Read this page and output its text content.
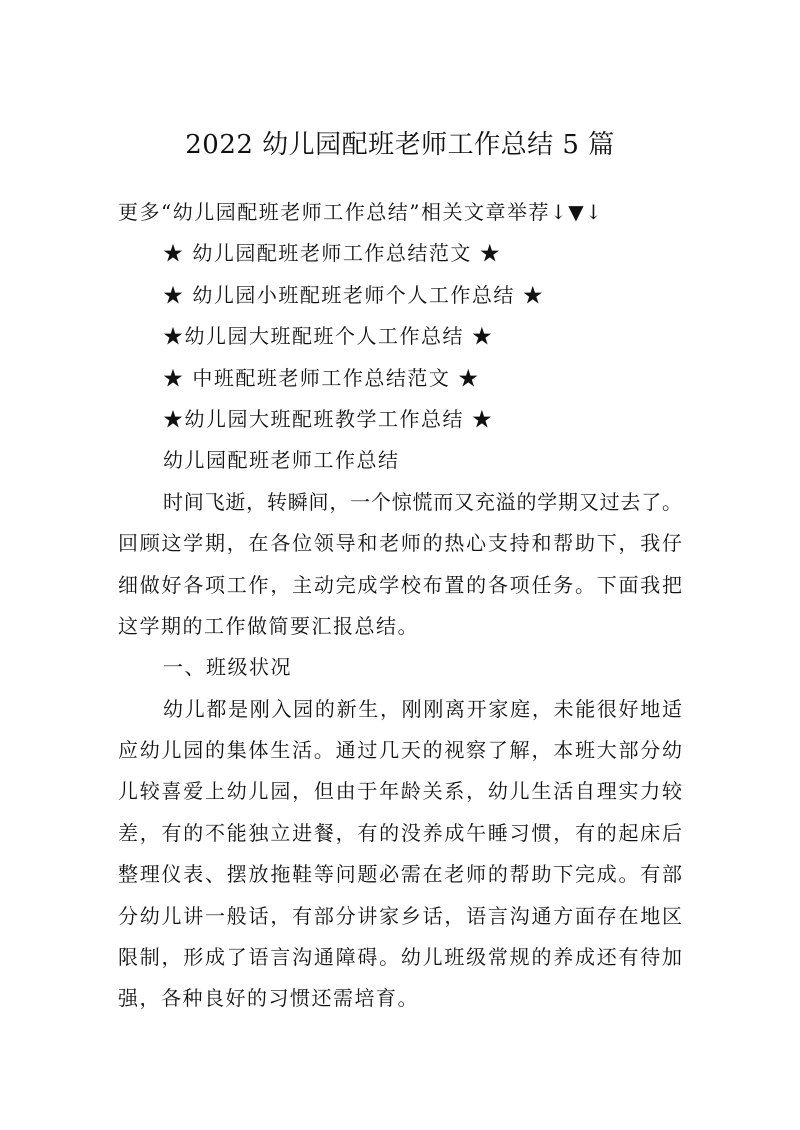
2022 幼儿园配班老师工作总结 5 篇
更多“幼儿园配班老师工作总结”相关文章举荐↓▼↓
★ 幼儿园配班老师工作总结范文 ★
★ 幼儿园小班配班老师个人工作总结 ★
★幼儿园大班配班个人工作总结 ★
★ 中班配班老师工作总结范文 ★
★幼儿园大班配班教学工作总结 ★
幼儿园配班老师工作总结
时间飞逝，转瞬间，一个惊慌而又充溢的学期又过去了。
回顾这学期，在各位领导和老师的热心支持和帮助下，我仔
细做好各项工作，主动完成学校布置的各项任务。下面我把
这学期的工作做简要汇报总结。
一、班级状况
幼儿都是刚入园的新生，刚刚离开家庭，未能很好地适
应幼儿园的集体生活。通过几天的视察了解，本班大部分幼
儿较喜爱上幼儿园，但由于年龄关系，幼儿生活自理实力较
差，有的不能独立进餐，有的没养成午睡习惯，有的起床后
整理仪表、摆放拖鞋等问题必需在老师的帮助下完成。有部
分幼儿讲一般话，有部分讲家乡话，语言沟通方面存在地区
限制，形成了语言沟通障碍。幼儿班级常规的养成还有待加
强，各种良好的习惯还需培育。
